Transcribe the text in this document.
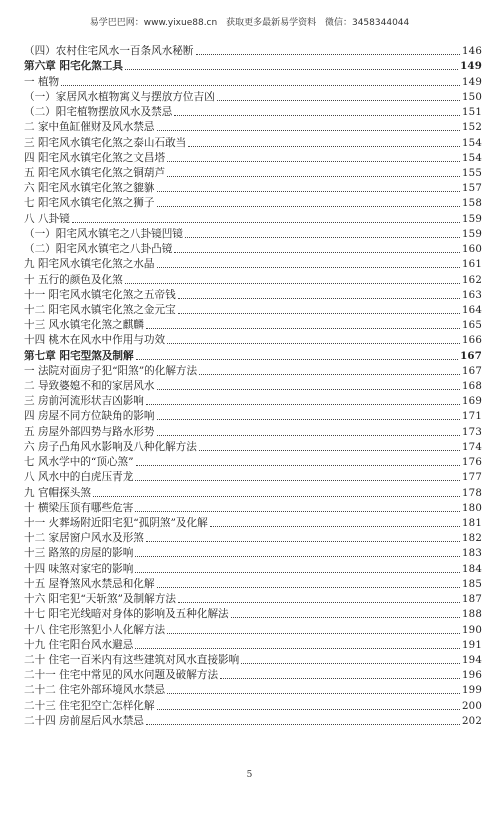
易学巴巴网：www.yixue88.cn 获取更多最新易学资料 微信：3458344044
（四）农村住宅风水一百条风水秘断	146
第六章 阳宅化煞工具	149
一 植物	149
（一）家居风水植物寓义与摆放方位吉凶	150
（二）阳宅植物摆放风水及禁忌	151
二 家中鱼缸催财及风水禁忌	152
三 阳宅风水镇宅化煞之泰山石敢当	154
四 阳宅风水镇宅化煞之文昌塔	154
五 阳宅风水镇宅化煞之铜葫芦	155
六 阳宅风水镇宅化煞之貔貅	157
七 阳宅风水镇宅化煞之狮子	158
八 八卦镜	159
（一）阳宅风水镇宅之八卦镜凹镜	159
（二）阳宅风水镇宅之八卦凸镜	160
九 阳宅风水镇宅化煞之水晶	161
十 五行的颜色及化煞	162
十一 阳宅风水镇宅化煞之五帝钱	163
十二 阳宅风水镇宅化煞之金元宝	164
十三 风水镇宅化煞之麒麟	165
十四 桃木在风水中作用与功效	166
第七章 阳宅型煞及制解	167
一 法院对面房子犯“阳煞”的化解方法	167
二 导致婆媳不和的家居风水	168
三 房前河流形状吉凶影响	169
四 房屋不同方位缺角的影响	171
五 房屋外部四势与路水形势	173
六 房子凸角风水影响及八种化解方法	174
七 风水学中的“顶心煞”	176
八 风水中的白虎压青龙	177
九 官帽探头煞	178
十 横梁压顶有哪些危害	180
十一 火葬场附近阳宅犯“孤阴煞”及化解	181
十二 家居窗户风水及形煞	182
十三 路煞的房屋的影响	183
十四 味煞对家宅的影响	184
十五 屋脊煞风水禁忌和化解	185
十六 阳宅犯“天斩煞”及制解方法	187
十七 阳宅光线暗对身体的影响及五种化解法	188
十八 住宅形煞犯小人化解方法	190
十九 住宅阳台风水避忌	191
二十 住宅一百米内有这些建筑对风水直接影响	194
二十一 住宅中常见的风水问题及破解方法	196
二十二 住宅外部环境风水禁忌	199
二十三 住宅犯空亡怎样化解	200
二十四 房前屋后风水禁忌	202
5
